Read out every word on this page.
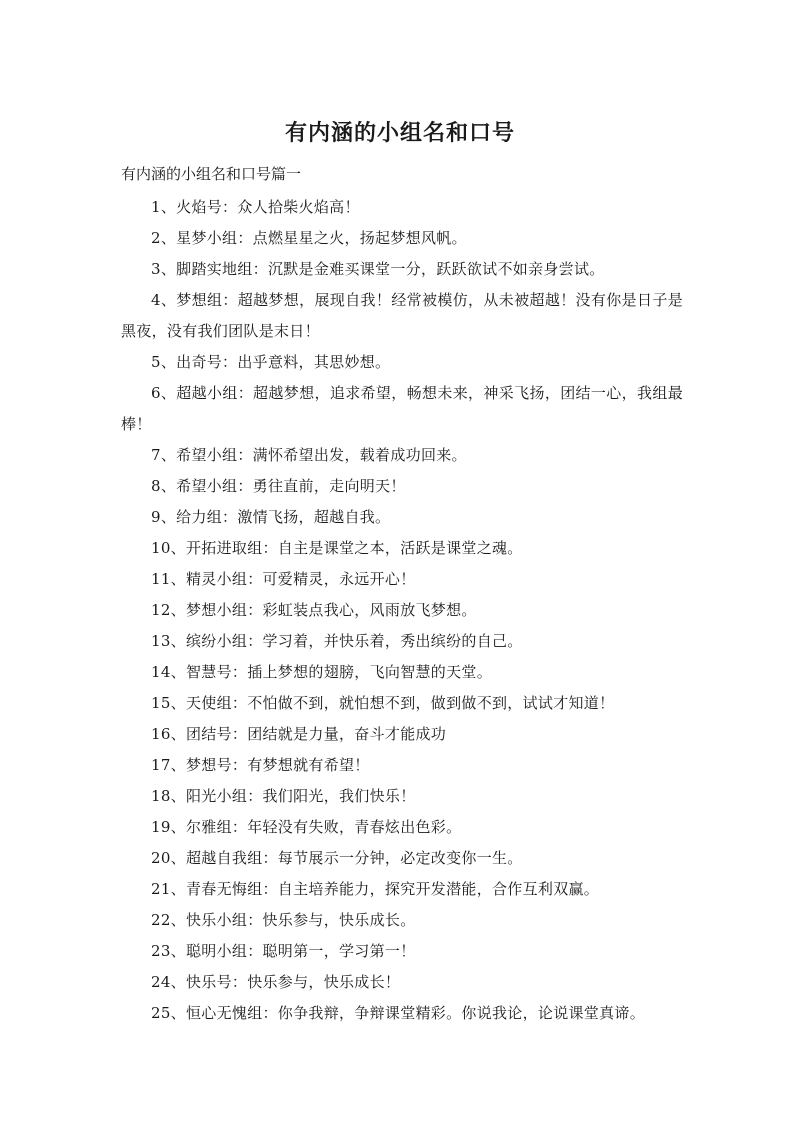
有内涵的小组名和口号
有内涵的小组名和口号篇一
1、火焰号：众人拾柴火焰高！
2、星梦小组：点燃星星之火，扬起梦想风帆。
3、脚踏实地组：沉默是金难买课堂一分，跃跃欲试不如亲身尝试。
4、梦想组：超越梦想，展现自我！经常被模仿，从未被超越！没有你是日子是黑夜，没有我们团队是末日！
5、出奇号：出乎意料，其思妙想。
6、超越小组：超越梦想，追求希望，畅想未来，神采飞扬，团结一心，我组最棒！
7、希望小组：满怀希望出发，载着成功回来。
8、希望小组：勇往直前，走向明天！
9、给力组：激情飞扬，超越自我。
10、开拓进取组：自主是课堂之本，活跃是课堂之魂。
11、精灵小组：可爱精灵，永远开心！
12、梦想小组：彩虹装点我心，风雨放飞梦想。
13、缤纷小组：学习着，并快乐着，秀出缤纷的自己。
14、智慧号：插上梦想的翅膀，飞向智慧的天堂。
15、天使组：不怕做不到，就怕想不到，做到做不到，试试才知道！
16、团结号：团结就是力量，奋斗才能成功
17、梦想号：有梦想就有希望！
18、阳光小组：我们阳光，我们快乐！
19、尔雅组：年轻没有失败，青春炫出色彩。
20、超越自我组：每节展示一分钟，必定改变你一生。
21、青春无悔组：自主培养能力，探究开发潜能，合作互利双赢。
22、快乐小组：快乐参与，快乐成长。
23、聪明小组：聪明第一，学习第一！
24、快乐号：快乐参与，快乐成长！
25、恒心无愧组：你争我辩，争辩课堂精彩。你说我论，论说课堂真谛。
